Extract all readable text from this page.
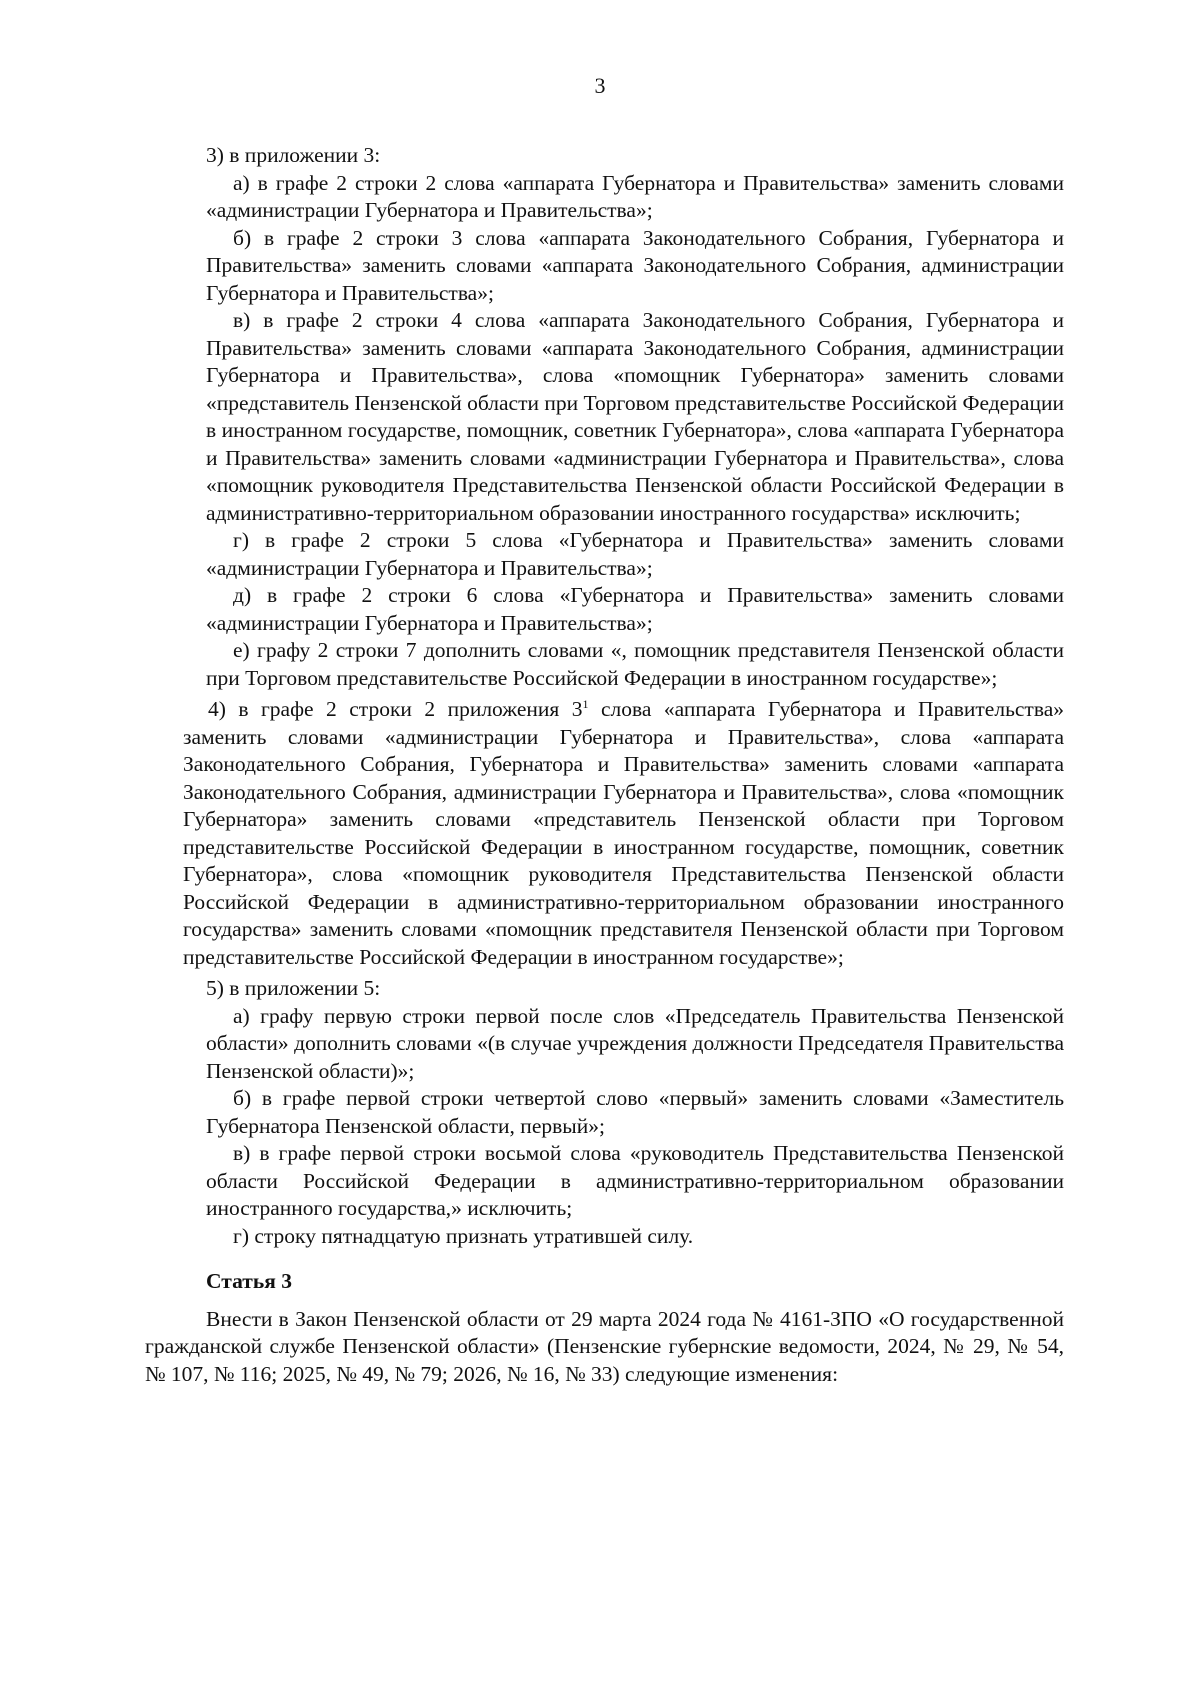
3

3) в приложении 3:

а) в графе 2 строки 2 слова «аппарата Губернатора и Правительства» заменить словами «администрации Губернатора и Правительства»;

б) в графе 2 строки 3 слова «аппарата Законодательного Собрания, Губернатора и Правительства» заменить словами «аппарата Законодательного Собрания, администрации Губернатора и Правительства»;

в) в графе 2 строки 4 слова «аппарата Законодательного Собрания, Губернатора и Правительства» заменить словами «аппарата Законодательного Собрания, администрации Губернатора и Правительства», слова «помощник Губернатора» заменить словами «представитель Пензенской области при Торговом представительстве Российской Федерации в иностранном государстве, помощник, советник Губернатора», слова «аппарата Губернатора и Правительства» заменить словами «администрации Губернатора и Правительства», слова «помощник руководителя Представительства Пензенской области Российской Федерации в административно-территориальном образовании иностранного государства» исключить;

г) в графе 2 строки 5 слова «Губернатора и Правительства» заменить словами «администрации Губернатора и Правительства»;

д) в графе 2 строки 6 слова «Губернатора и Правительства» заменить словами «администрации Губернатора и Правительства»;

е) графу 2 строки 7 дополнить словами «, помощник представителя Пензенской области при Торговом представительстве Российской Федерации в иностранном государстве»;

4) в графе 2 строки 2 приложения $3^1$ слова «аппарата Губернатора и Правительства» заменить словами «администрации Губернатора и Правительства», слова «аппарата Законодательного Собрания, Губернатора и Правительства» заменить словами «аппарата Законодательного Собрания, администрации Губернатора и Правительства», слова «помощник Губернатора» заменить словами «представитель Пензенской области при Торговом представительстве Российской Федерации в иностранном государстве, помощник, советник Губернатора», слова «помощник руководителя Представительства Пензенской области Российской Федерации в административно-территориальном образовании иностранного государства» заменить словами «помощник представителя Пензенской области при Торговом представительстве Российской Федерации в иностранном государстве»;

5) в приложении 5:

а) графу первую строки первой после слов «Председатель Правительства Пензенской области» дополнить словами «(в случае учреждения должности Председателя Правительства Пензенской области)»;

б) в графе первой строки четвертой слово «первый» заменить словами «Заместитель Губернатора Пензенской области, первый»;

в) в графе первой строки восьмой слова «руководитель Представительства Пензенской области Российской Федерации в административно-территориальном образовании иностранного государства,» исключить;

г) строку пятнадцатую признать утратившей силу.

Статья 3

Внести в Закон Пензенской области от 29 марта 2024 года № 4161-ЗПО «О государственной гражданской службе Пензенской области» (Пензенские губернские ведомости, 2024, № 29, № 54, № 107, № 116; 2025, № 49, № 79; 2026, № 16, № 33) следующие изменения:
